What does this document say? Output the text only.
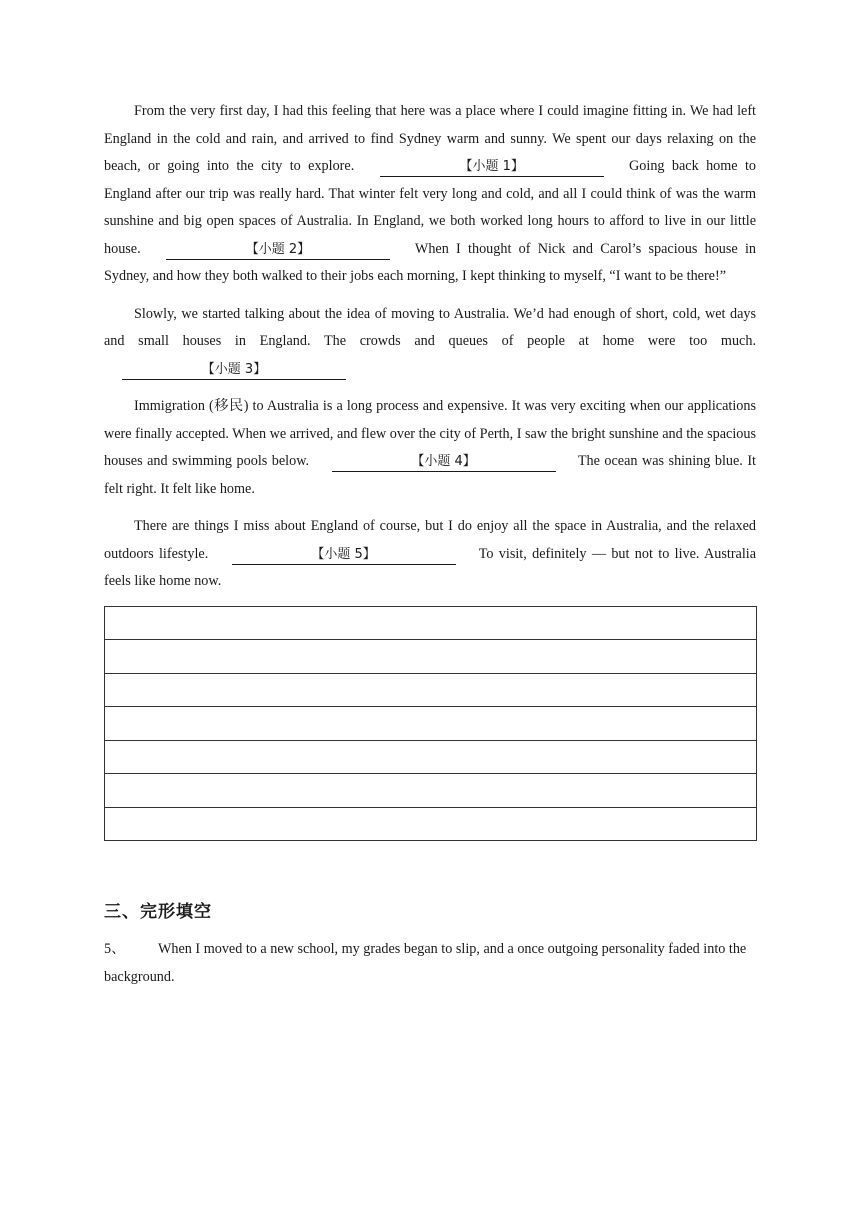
From the very first day, I had this feeling that here was a place where I could imagine fitting in. We had left England in the cold and rain, and arrived to find Sydney warm and sunny. We spent our days relaxing on the beach, or going into the city to explore.	【小题 1】	Going back home to England after our trip was really hard. That winter felt very long and cold, and all I could think of was the warm sunshine and big open spaces of Australia. In England, we both worked long hours to afford to live in our little house.	【小题 2】	When I thought of Nick and Carol’s spacious house in Sydney, and how they both walked to their jobs each morning, I kept thinking to myself, “I want to be there!”

Slowly, we started talking about the idea of moving to Australia. We’d had enough of short, cold, wet days and small houses in England. The crowds and queues of people at home were too much. 【小题 3】

Immigration (移民) to Australia is a long process and expensive. It was very exciting when our applications were finally accepted. When we arrived, and flew over the city of Perth, I saw the bright sunshine and the spacious houses and swimming pools below.	【小题 4】	The ocean was shining blue. It felt right. It felt like home.

There are things I miss about England of course, but I do enjoy all the space in Australia, and the relaxed outdoors lifestyle.	【小题 5】	To visit, definitely — but not to live. Australia feels like home now.

三、完形填空

5、 When I moved to a new school, my grades began to slip, and a once outgoing personality faded into the background.
